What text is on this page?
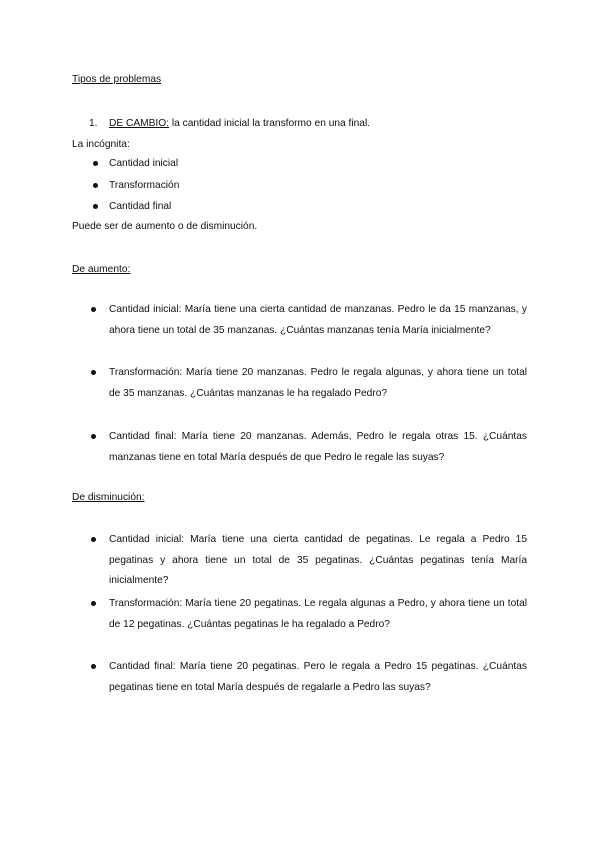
Tipos de problemas
1. DE CAMBIO: la cantidad inicial la transformo en una final.
La incógnita:
Cantidad inicial
Transformación
Cantidad final
Puede ser de aumento o de disminución.
De aumento:
Cantidad inicial: María tiene una cierta cantidad de manzanas. Pedro le da 15 manzanas, y ahora tiene un total de 35 manzanas. ¿Cuántas manzanas tenía María inicialmente?
Transformación: María tiene 20 manzanas. Pedro le regala algunas, y ahora tiene un total de 35 manzanas. ¿Cuántas manzanas le ha regalado Pedro?
Cantidad final: María tiene 20 manzanas. Además, Pedro le regala otras 15. ¿Cuántas manzanas tiene en total María después de que Pedro le regale las suyas?
De disminución:
Cantidad inicial: María tiene una cierta cantidad de pegatinas. Le regala a Pedro 15 pegatinas y ahora tiene un total de 35 pegatinas. ¿Cuántas pegatinas tenía María inicialmente?
Transformación: María tiene 20 pegatinas. Le regala algunas a Pedro, y ahora tiene un total de 12 pegatinas. ¿Cuántas pegatinas le ha regalado a Pedro?
Cantidad final: María tiene 20 pegatinas. Pero le regala a Pedro 15 pegatinas. ¿Cuántas pegatinas tiene en total María después de regalarle a Pedro las suyas?
